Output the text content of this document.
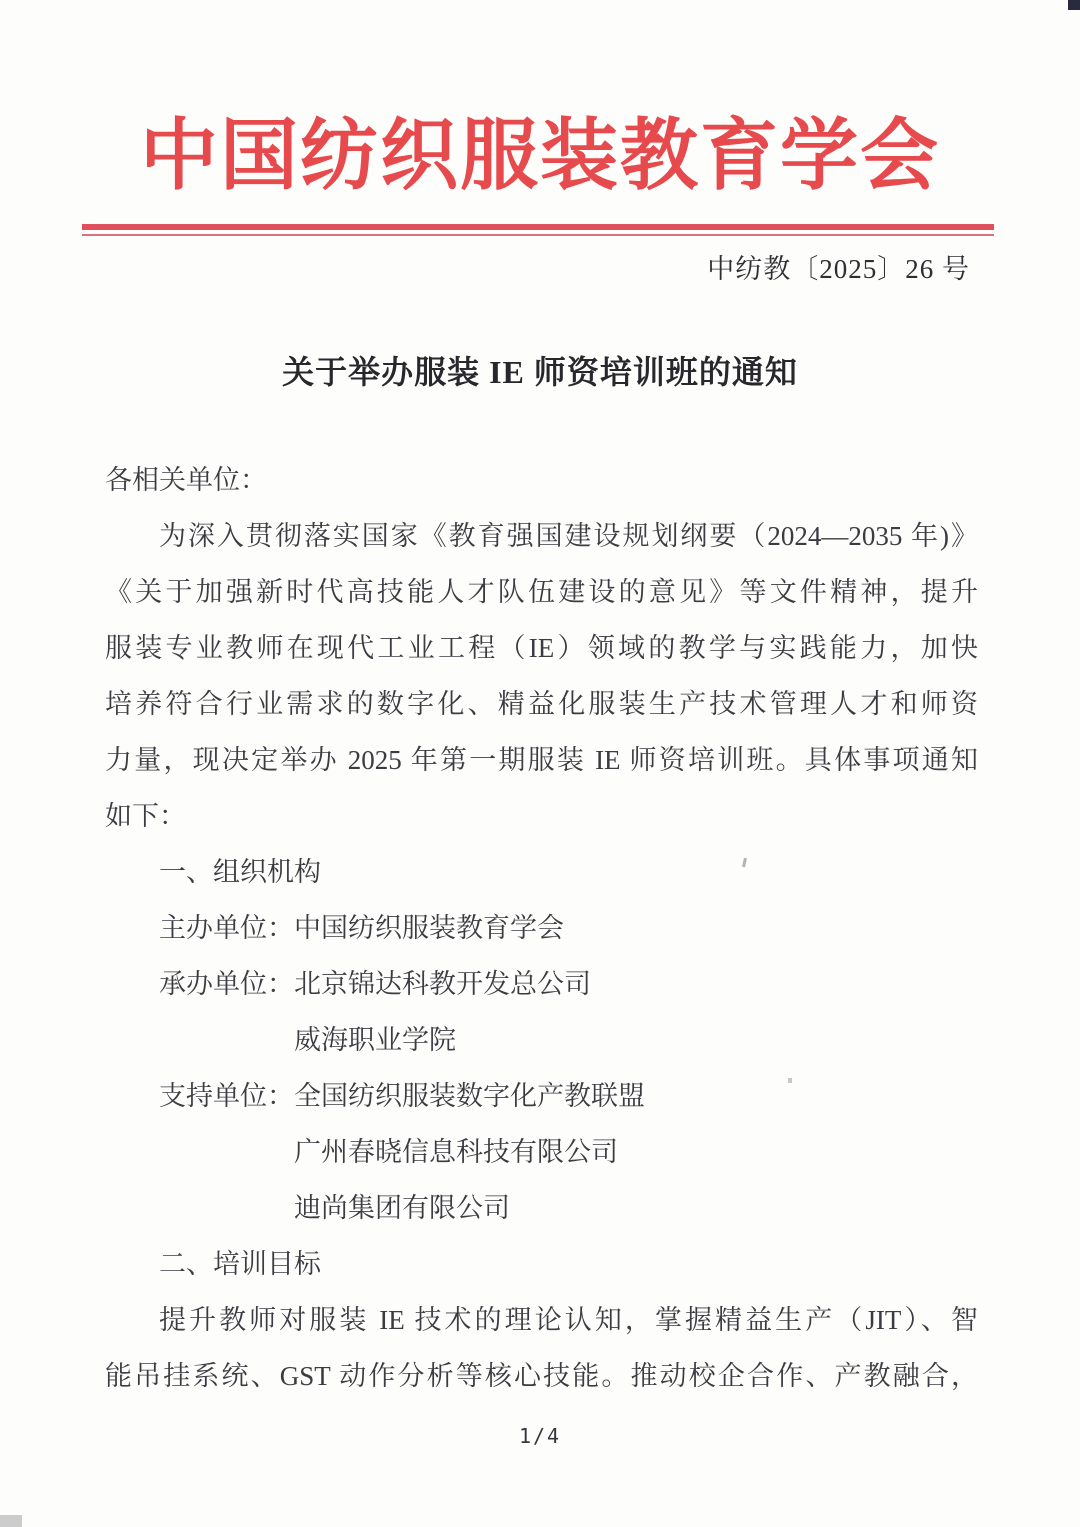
中国纺织服装教育学会
中纺教〔2025〕26 号
关于举办服装 IE 师资培训班的通知
各相关单位：
为深入贯彻落实国家《教育强国建设规划纲要（2024—2035 年)》
《关于加强新时代高技能人才队伍建设的意见》等文件精神，提升
服装专业教师在现代工业工程（IE）领域的教学与实践能力，加快
培养符合行业需求的数字化、精益化服装生产技术管理人才和师资
力量，现决定举办 2025 年第一期服装 IE 师资培训班。具体事项通知
如下：
一、组织机构
主办单位：中国纺织服装教育学会
承办单位：北京锦达科教开发总公司
威海职业学院
支持单位：全国纺织服装数字化产教联盟
广州春晓信息科技有限公司
迪尚集团有限公司
二、培训目标
提升教师对服装 IE 技术的理论认知，掌握精益生产（JIT）、智
能吊挂系统、GST 动作分析等核心技能。推动校企合作、产教融合，
1/4
